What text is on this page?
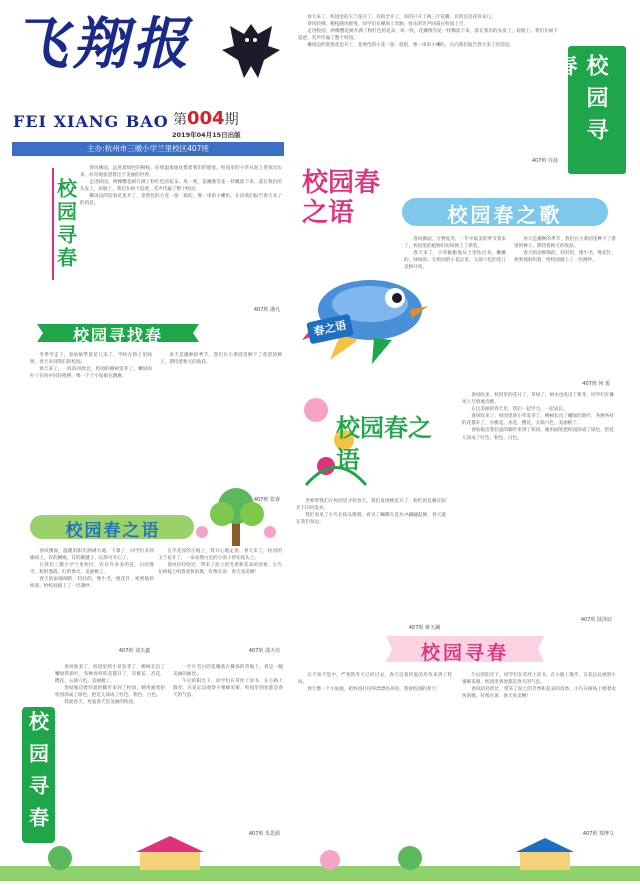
飞翔报
FEI XIANG BAO 第004期
2019年04月15日出版
主办:杭州市三墩小学兰里校区407班
校园寻春

春风拂面，远看着绿色的柳枝，好像温柔地抚摸着我们的脸庞。校园里的小草从泥土里探出头来，好奇地张望着这个美丽的世界。

走进校园，两棵樱花树开满了粉红色的花朵，风一吹，花瓣像雪花一样飘落下来，落在我们的头发上，肩膀上。我们在树下追逐，笑声传遍了整个校园。

操场边的迎春花也开了，金黄色的小花一簇一簇的，像一串串小喇叭，在向我们报告春天来了的消息。

407班 潘凡
校园寻找春

冬季学走了，春姑娘带着花儿来了。学校在桥子里映照，春天来到我们的校园。

春天来了，一阵阵风吹过，校园的柳树发芽了，嫩绿的叶子在风中轻轻摇摆，像一个个小姑娘在跳舞。

春天是播种的季节，我们在小菜园里种下了希望的种子，期待着秋天的收获。

407班 张睿
校园春之语

春风拂面，温暖的阳光洒满大地。下课了，同学们来到操场上，有的跳绳，有的踢毽子，玩得可开心了。

在我们三墩小学兰里校区，有许许多多的花，白的像雪，粉的像霞，红的像火，美丽极了。

春天的雨细细的，轻轻的，像牛毛，像花针，密密地斜织着，给校园披上了一层薄纱。

在乎花园的小路上，我开心地走着。春天来了，校园的玉兰花开了，一朵朵像白色的小鸽子停在枝头上。

春风轻轻吹过，带来了泥土的芳香和花朵的清香。小鸟在树枝上唱着欢快的歌，好像在说：春天真美啊！

407班 刘天鑫	407班 邵天仪
校园寻春

春风吹来了，校园里的小草发芽了，柳树长出了嫩绿的新叶，各种各样的花都开了，有桃花、杏花、樱花，五颜六色，美丽极了。

春姑娘迈着轻盈的脚步来到了校园，她用画笔把校园涂成了绿色，把花儿涂成了红色、粉色、白色。

我爱春天，更爱春天里美丽的校园。

一片片雪白的花瓣落在操场的草地上，真是一幅美丽的画卷。

午后的阳光下，同学们在草坪上读书，在小路上散步，在花坛边观察小蜜蜂采蜜，校园里到处都是春天的气息。

407班 朱思源

春天来了，校园里的玉兰花开了，有的全开了，有的只开了两三片花瓣，有的还是花骨朵儿。

春风轻拂，柳枝随风摇曳，同学们在操场上奔跑，快乐的笑声回荡在校园上空。

走进校园，两棵樱花树开满了粉红色的花朵，风一吹，花瓣像雪花一样飘落下来，落在我们的头发上，肩膀上。我们在树下追逐，笑声传遍了整个校园。

操场边的迎春花也开了，金黄色的小花一簇一簇的，像一串串小喇叭，在向我们报告春天来了的消息。

407班 许晨
校园寻春
校园春之语
春之语
校园春之歌

春风拂面，万物复苏，一年中最美的季节到来了，校园里的植物们纷纷换上了新装。

春天来了，小草偷偷地从土里钻出来，嫩嫩的，绿绿的。在校园的小花坛里，五颜六色的花儿竞相开放。

春天是播种的季节，我们在小菜园里种下了希望的种子，期待着秋天的收获。

春天的雨细细的，轻轻的，像牛毛，像花针，密密地斜织着，给校园披上了一层薄纱。

407班 何 悦
校园春之语

老师带我们在校园里寻找春天。我们发现桃花开了，粉红的花瓣在阳光下闪闪发亮。

我们看见了小鸟在枝头歌唱，看见了蝴蝶在花丛中翩翩起舞，春天就在我们身边。

407班 蒋天澜

春风吹来，校园里的花开了，草绿了，树木也发出了新芽。同学们在操场上尽情地奔跑。

在这美丽的春天里，我们一起学习，一起成长。

春风吹来了，校园里的小草发芽了，柳树长出了嫩绿的新叶，各种各样的花都开了，有桃花、杏花、樱花，五颜六色，美丽极了。

春姑娘迈着轻盈的脚步来到了校园，她用画笔把校园涂成了绿色，把花儿涂成了红色、粉色、白色。

407班 陆泽辰
校园寻春

在不知不觉中，严寒的冬天已经过去，春天迈着轻盈的步伐来到了校园。

春天像一个小姑娘，把校园打扮得漂漂亮亮的。我爱校园的春天！

午后的阳光下，同学们在草坪上读书，在小路上散步，在花坛边观察小蜜蜂采蜜，校园里到处都是春天的气息。

春风轻轻吹过，带来了泥土的芳香和花朵的清香。小鸟在树枝上唱着欢快的歌，好像在说：春天真美啊！

407班 郑博文
